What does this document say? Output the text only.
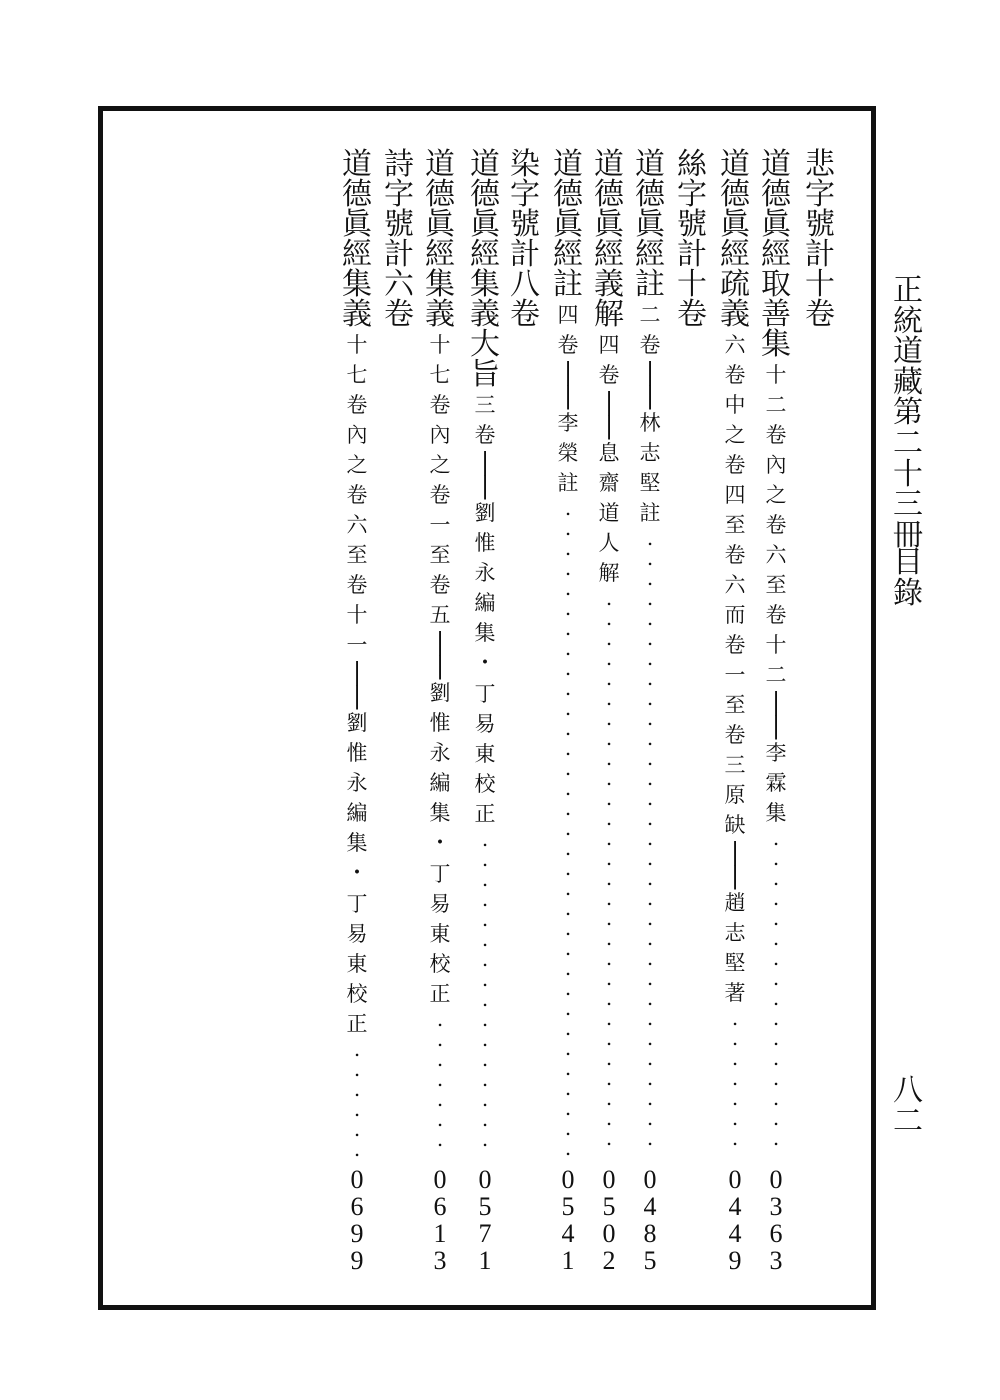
正
統
道
藏
第
二
十
三
冊
目
錄
八
二
悲
字
號
計
十
卷
道
德
眞
經
取
善
集
十
二
卷
內
之
卷
六
至
卷
十
二
|
|
李
霖
集
.
.
.
.
.
.
.
.
.
.
.
.
.
.
.
.
0
3
6
3
道
德
眞
經
疏
義
六
卷
中
之
卷
四
至
卷
六
而
卷
一
至
卷
三
原
缺
|
|
趙
志
堅
著
.
.
.
.
.
.
.
0
4
4
9
絲
字
號
計
十
卷
道
德
眞
經
註
二
卷
|
|
林
志
堅
註
.
.
.
.
.
.
.
.
.
.
.
.
.
.
.
.
.
.
.
.
.
.
.
.
.
.
.
.
.
.
.
0
4
8
5
道
德
眞
經
義
解
四
卷
|
|
息
齋
道
人
解
.
.
.
.
.
.
.
.
.
.
.
.
.
.
.
.
.
.
.
.
.
.
.
.
.
.
.
.
0
5
0
2
道
德
眞
經
註
四
卷
|
|
李
榮
註
.
.
.
.
.
.
.
.
.
.
.
.
.
.
.
.
.
.
.
.
.
.
.
.
.
.
.
.
.
.
.
.
.
0
5
4
1
染
字
號
計
八
卷
道
德
眞
經
集
義
大
旨
三
卷
|
|
劉
惟
永
編
集
・
丁
易
東
校
正
.
.
.
.
.
.
.
.
.
.
.
.
.
.
.
.
0
5
7
1
道
德
眞
經
集
義
十
七
卷
內
之
卷
一
至
卷
五
|
|
劉
惟
永
編
集
・
丁
易
東
校
正
.
.
.
.
.
.
.
0
6
1
3
詩
字
號
計
六
卷
道
德
眞
經
集
義
十
七
卷
內
之
卷
六
至
卷
十
一
|
|
劉
惟
永
編
集
・
丁
易
東
校
正
.
.
.
.
.
.
0
6
9
9
